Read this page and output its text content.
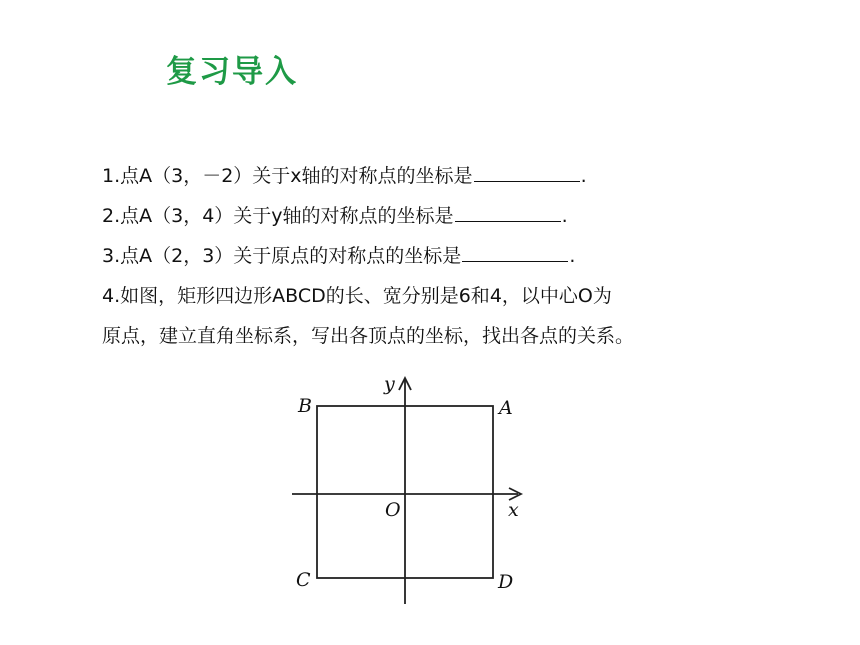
复习导入
1.点A（3，－2）关于x轴的对称点的坐标是	.
2.点A（3，4）关于y轴的对称点的坐标是	.
3.点A（2，3）关于原点的对称点的坐标是	.
4.如图，矩形四边形ABCD的长、宽分别是6和4，以中心O为
原点，建立直角坐标系，写出各顶点的坐标，找出各点的关系。
B	A
C	D
O	x
y
